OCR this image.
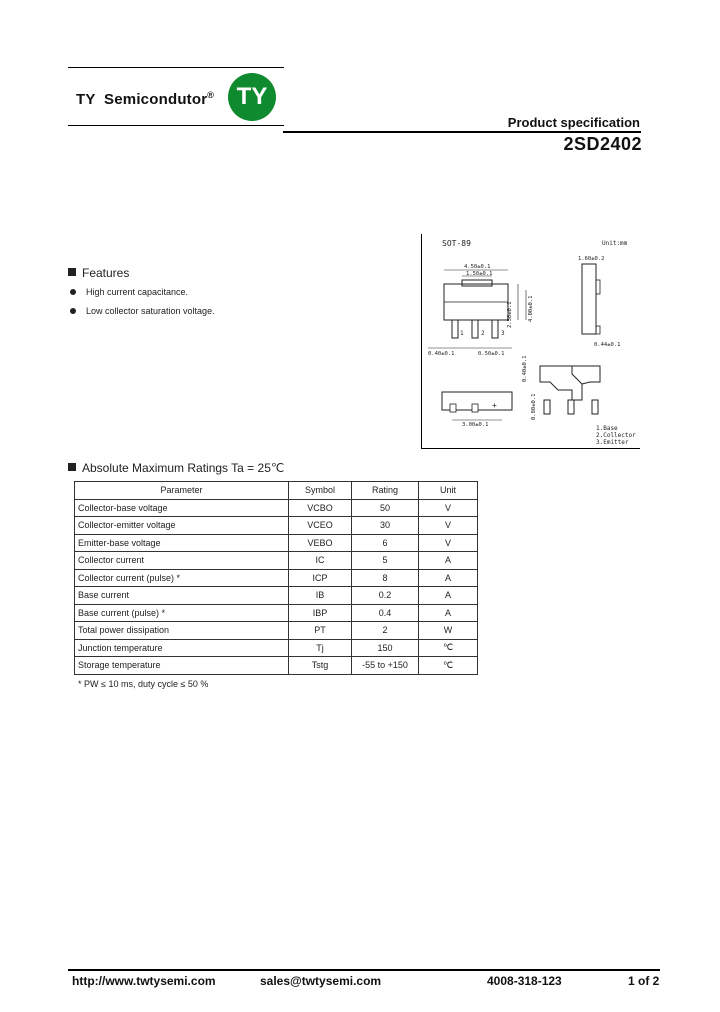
TY  Semicondutor® TY
Product specification
2SD2402
Features
High current capacitance.
Low collector saturation voltage.
SOT-89	Unit:mm
4.50±0.1
1.50±0.1
2.50±0.1	4.00±0.1
1	2	3
0.40±0.1	0.50±0.1
1.60±0.2
0.44±0.1
+
3.00±0.1
0.80±0.1
0.40±0.1
1.Base
2.Collector
3.Emitter
Absolute Maximum Ratings Ta = 25℃
Parameter	Symbol	Rating	Unit
Collector-base voltage	VCBO	50	V
Collector-emitter voltage	VCEO	30	V
Emitter-base voltage	VEBO	6	V
Collector current	IC	5	A
Collector current (pulse) *	ICP	8	A
Base current	IB	0.2	A
Base current (pulse) *	IBP	0.4	A
Total power dissipation	PT	2	W
Junction temperature	Tj	150	℃
Storage temperature	Tstg	-55 to +150	℃
* PW ≤ 10 ms, duty cycle ≤ 50 %
http://www.twtysemi.com	sales@twtysemi.com	4008-318-123	1 of 2
